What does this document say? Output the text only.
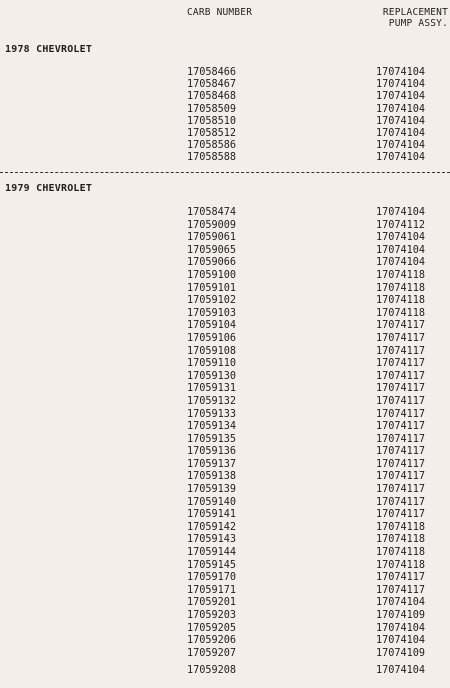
CARB NUMBER	REPLACEMENT
PUMP ASSY.
1978 CHEVROLET
17058466	17074104
17058467	17074104
17058468	17074104
17058509	17074104
17058510	17074104
17058512	17074104
17058586	17074104
17058588	17074104
1979 CHEVROLET
17058474	17074104
17059009	17074112
17059061	17074104
17059065	17074104
17059066	17074104
17059100	17074118
17059101	17074118
17059102	17074118
17059103	17074118
17059104	17074117
17059106	17074117
17059108	17074117
17059110	17074117
17059130	17074117
17059131	17074117
17059132	17074117
17059133	17074117
17059134	17074117
17059135	17074117
17059136	17074117
17059137	17074117
17059138	17074117
17059139	17074117
17059140	17074117
17059141	17074117
17059142	17074118
17059143	17074118
17059144	17074118
17059145	17074118
17059170	17074117
17059171	17074117
17059201	17074104
17059203	17074109
17059205	17074104
17059206	17074104
17059207	17074109
17059208	17074104
